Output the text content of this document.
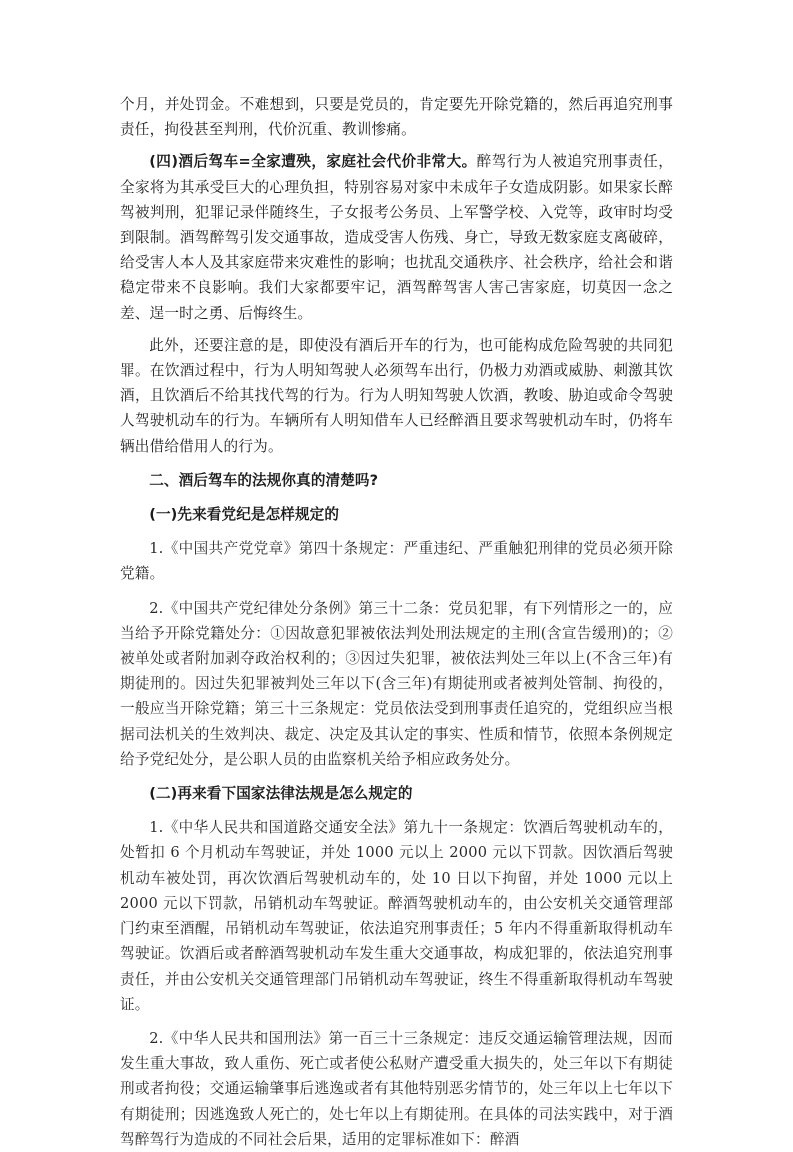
个月，并处罚金。不难想到，只要是党员的，肯定要先开除党籍的，然后再追究刑事责任，拘役甚至判刑，代价沉重、教训惨痛。

(四)酒后驾车=全家遭殃，家庭社会代价非常大。醉驾行为人被追究刑事责任，全家将为其承受巨大的心理负担，特别容易对家中未成年子女造成阴影。如果家长醉驾被判刑，犯罪记录伴随终生，子女报考公务员、上军警学校、入党等，政审时均受到限制。酒驾醉驾引发交通事故，造成受害人伤残、身亡，导致无数家庭支离破碎，给受害人本人及其家庭带来灾难性的影响；也扰乱交通秩序、社会秩序，给社会和谐稳定带来不良影响。我们大家都要牢记，酒驾醉驾害人害己害家庭，切莫因一念之差、逞一时之勇、后悔终生。

此外，还要注意的是，即使没有酒后开车的行为，也可能构成危险驾驶的共同犯罪。在饮酒过程中，行为人明知驾驶人必须驾车出行，仍极力劝酒或威胁、刺激其饮酒，且饮酒后不给其找代驾的行为。行为人明知驾驶人饮酒，教唆、胁迫或命令驾驶人驾驶机动车的行为。车辆所有人明知借车人已经醉酒且要求驾驶机动车时，仍将车辆出借给借用人的行为。

二、酒后驾车的法规你真的清楚吗?

(一)先来看党纪是怎样规定的

1.《中国共产党党章》第四十条规定：严重违纪、严重触犯刑律的党员必须开除党籍。

2.《中国共产党纪律处分条例》第三十二条：党员犯罪，有下列情形之一的，应当给予开除党籍处分：①因故意犯罪被依法判处刑法规定的主刑(含宣告缓刑)的；②被单处或者附加剥夺政治权利的；③因过失犯罪，被依法判处三年以上(不含三年)有期徒刑的。因过失犯罪被判处三年以下(含三年)有期徒刑或者被判处管制、拘役的，一般应当开除党籍；第三十三条规定：党员依法受到刑事责任追究的，党组织应当根据司法机关的生效判决、裁定、决定及其认定的事实、性质和情节，依照本条例规定给予党纪处分，是公职人员的由监察机关给予相应政务处分。

(二)再来看下国家法律法规是怎么规定的

1.《中华人民共和国道路交通安全法》第九十一条规定：饮酒后驾驶机动车的，处暂扣 6 个月机动车驾驶证，并处 1000 元以上 2000 元以下罚款。因饮酒后驾驶机动车被处罚，再次饮酒后驾驶机动车的，处 10 日以下拘留，并处 1000 元以上 2000 元以下罚款，吊销机动车驾驶证。醉酒驾驶机动车的，由公安机关交通管理部门约束至酒醒，吊销机动车驾驶证，依法追究刑事责任；5 年内不得重新取得机动车驾驶证。饮酒后或者醉酒驾驶机动车发生重大交通事故，构成犯罪的，依法追究刑事责任，并由公安机关交通管理部门吊销机动车驾驶证，终生不得重新取得机动车驾驶证。

2.《中华人民共和国刑法》第一百三十三条规定：违反交通运输管理法规，因而发生重大事故，致人重伤、死亡或者使公私财产遭受重大损失的，处三年以下有期徒刑或者拘役；交通运输肇事后逃逸或者有其他特别恶劣情节的，处三年以上七年以下有期徒刑；因逃逸致人死亡的，处七年以上有期徒刑。在具体的司法实践中，对于酒驾醉驾行为造成的不同社会后果，适用的定罪标准如下：醉酒
